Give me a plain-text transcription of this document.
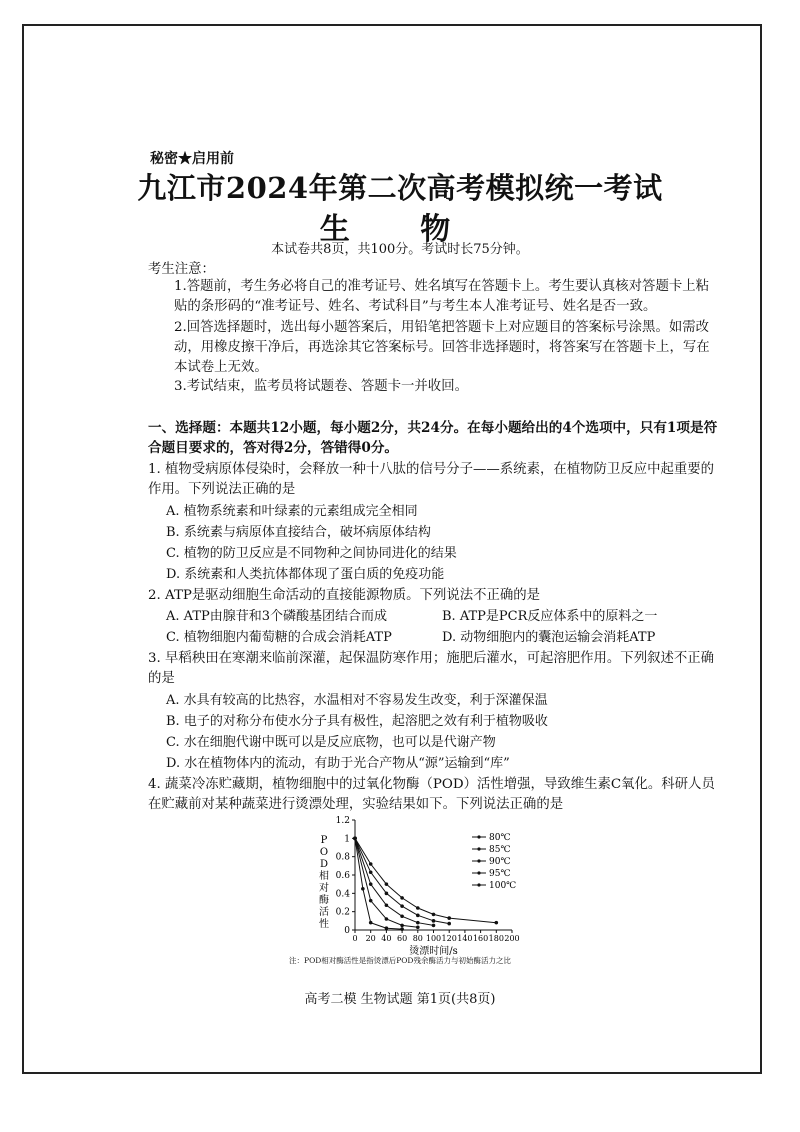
秘密★启用前
九江市2024年第二次高考模拟统一考试
生 物
本试卷共8页，共100分。考试时长75分钟。
考生注意：
1.答题前，考生务必将自己的准考证号、姓名填写在答题卡上。考生要认真核对答题卡上粘贴的条形码的“准考证号、姓名、考试科目”与考生本人准考证号、姓名是否一致。
2.回答选择题时，选出每小题答案后，用铅笔把答题卡上对应题目的答案标号涂黑。如需改动，用橡皮擦干净后，再选涂其它答案标号。回答非选择题时，将答案写在答题卡上，写在本试卷上无效。
3.考试结束，监考员将试题卷、答题卡一并收回。
一、选择题：本题共12小题，每小题2分，共24分。在每小题给出的4个选项中，只有1项是符合题目要求的，答对得2分，答错得0分。
1. 植物受病原体侵染时，会释放一种十八肽的信号分子——系统素，在植物防卫反应中起重要的作用。下列说法正确的是
A. 植物系统素和叶绿素的元素组成完全相同
B. 系统素与病原体直接结合，破坏病原体结构
C. 植物的防卫反应是不同物种之间协同进化的结果
D. 系统素和人类抗体都体现了蛋白质的免疫功能
2. ATP是驱动细胞生命活动的直接能源物质。下列说法不正确的是
A. ATP由腺苷和3个磷酸基团结合而成	B. ATP是PCR反应体系中的原料之一
C. 植物细胞内葡萄糖的合成会消耗ATP	D. 动物细胞内的囊泡运输会消耗ATP
3. 早稻秧田在寒潮来临前深灌，起保温防寒作用；施肥后灌水，可起溶肥作用。下列叙述不正确的是
A. 水具有较高的比热容，水温相对不容易发生改变，利于深灌保温
B. 电子的对称分布使水分子具有极性，起溶肥之效有利于植物吸收
C. 水在细胞代谢中既可以是反应底物，也可以是代谢产物
D. 水在植物体内的流动，有助于光合产物从“源”运输到“库”
4. 蔬菜冷冻贮藏期，植物细胞中的过氧化物酶（POD）活性增强，导致维生素C氧化。科研人员在贮藏前对某种蔬菜进行烫漂处理，实验结果如下。下列说法正确的是
0
0.2
0.4
0.6
0.8
1
1.2
0 20 40 60 80 100 120 140 160 180 200
烫漂时间/s
P
O
D
相
对
酶
活
性
80℃
85℃
90℃
95℃
100℃
注：POD相对酶活性是指烫漂后POD残余酶活力与初始酶活力之比
高考二模 生物试题 第1页(共8页)
